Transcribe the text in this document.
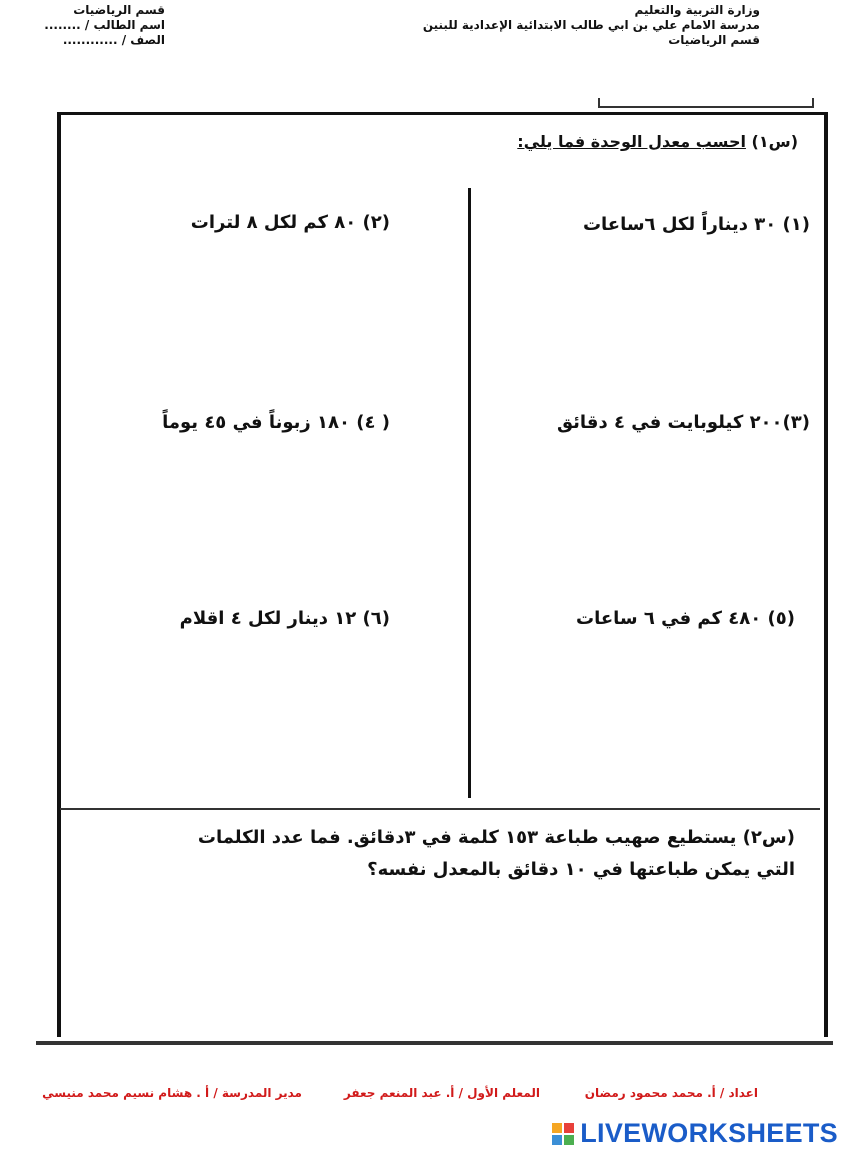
وزارة التربية والتعليم
مدرسة الامام علي بن ابي طالب الابتدائية الإعدادية للبنين
قسم الرياضيات
قسم الرياضيات
اسم الطالب / ........
الصف / ............
(س١) احسب معدل الوحدة فما يلي:
(١) ٣٠ ديناراً لكل ٦ساعات
(٢) ٨٠ كم لكل ٨ لترات
(٣)٢٠٠ كيلوبايت في ٤ دقائق
( ٤) ١٨٠ زبوناً في ٤٥ يوماً
(٥) ٤٨٠ كم في ٦ ساعات
(٦) ١٢ دينار لكل ٤ اقلام
(س٢) يستطيع صهيب طباعة ١٥٣ كلمة في ٣دقائق. فما عدد الكلمات
التي يمكن طباعتها في ١٠ دقائق بالمعدل نفسه؟
اعداد / أ. محمد محمود رمضان
المعلم الأول / أ. عبد المنعم جعفر
مدير المدرسة / أ . هشام نسيم محمد منيسي
LIVEWORKSHEETS
